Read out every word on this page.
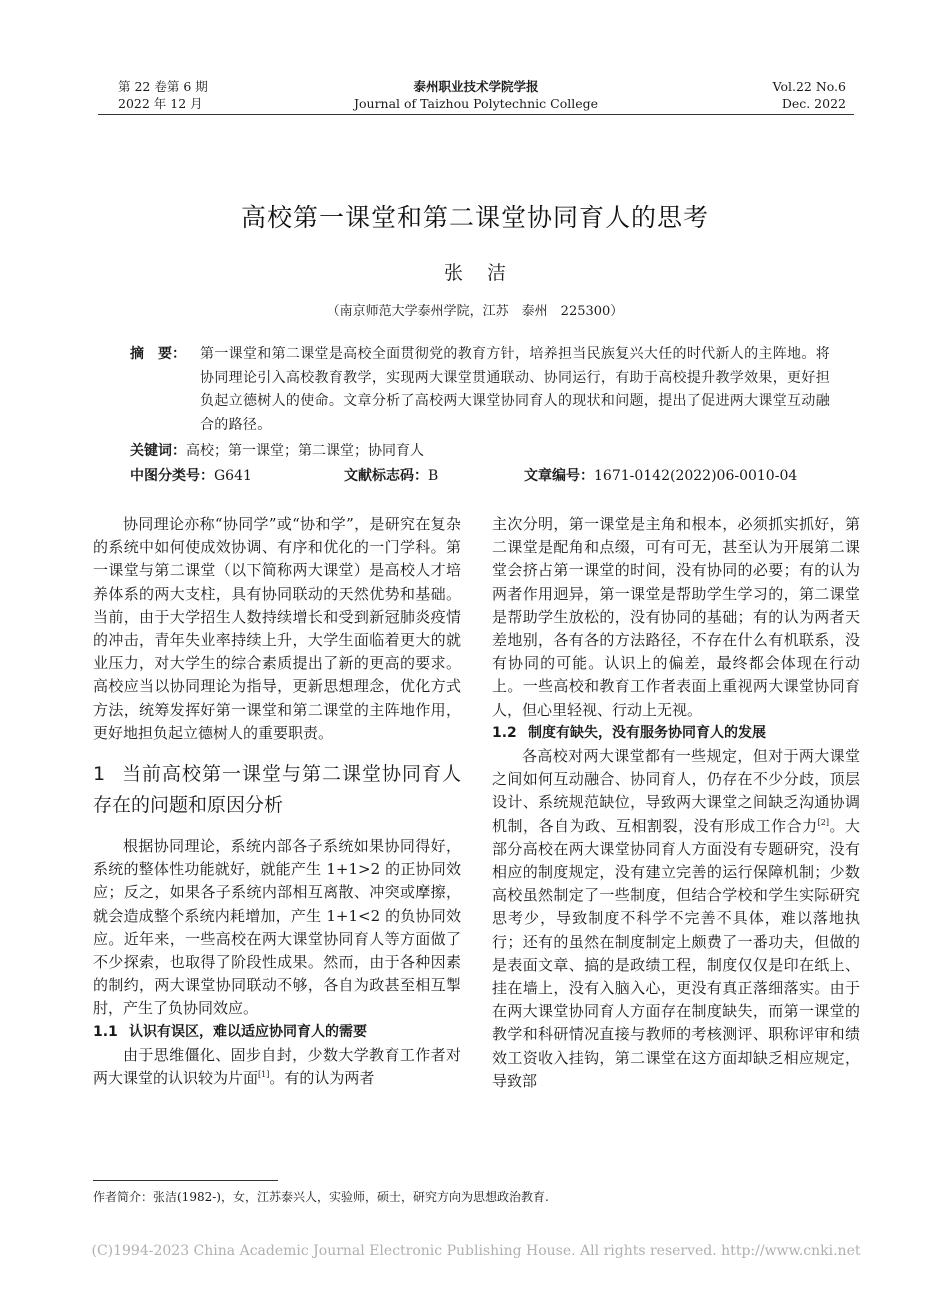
第 22 卷第 6 期
2022 年 12 月
泰州职业技术学院学报
Journal of Taizhou Polytechnic College
Vol.22 No.6
Dec. 2022
高校第一课堂和第二课堂协同育人的思考
张洁
（南京师范大学泰州学院，江苏　泰州　225300）
摘　要： 第一课堂和第二课堂是高校全面贯彻党的教育方针，培养担当民族复兴大任的时代新人的主阵地。将协同理论引入高校教育教学，实现两大课堂贯通联动、协同运行，有助于高校提升教学效果，更好担负起立德树人的使命。文章分析了高校两大课堂协同育人的现状和问题，提出了促进两大课堂互动融合的路径。
关键词：高校；第一课堂；第二课堂；协同育人
中图分类号：G641	文献标志码：B	文章编号：1671-0142(2022)06-0010-04

协同理论亦称“协同学”或“协和学”，是研究在复杂的系统中如何使成效协调、有序和优化的一门学科。第一课堂与第二课堂（以下简称两大课堂）是高校人才培养体系的两大支柱，具有协同联动的天然优势和基础。当前，由于大学招生人数持续增长和受到新冠肺炎疫情的冲击，青年失业率持续上升，大学生面临着更大的就业压力，对大学生的综合素质提出了新的更高的要求。高校应当以协同理论为指导，更新思想理念，优化方式方法，统筹发挥好第一课堂和第二课堂的主阵地作用，更好地担负起立德树人的重要职责。

1 当前高校第一课堂与第二课堂协同育人存在的问题和原因分析

根据协同理论，系统内部各子系统如果协同得好，系统的整体性功能就好，就能产生 1+1>2 的正协同效应；反之，如果各子系统内部相互离散、冲突或摩擦，就会造成整个系统内耗增加，产生 1+1<2 的负协同效应。近年来，一些高校在两大课堂协同育人等方面做了不少探索，也取得了阶段性成果。然而，由于各种因素的制约，两大课堂协同联动不够，各自为政甚至相互掣肘，产生了负协同效应。

1.1 认识有误区，难以适应协同育人的需要

由于思维僵化、固步自封，少数大学教育工作者对两大课堂的认识较为片面[1]。有的认为两者

主次分明，第一课堂是主角和根本，必须抓实抓好，第二课堂是配角和点缀，可有可无，甚至认为开展第二课堂会挤占第一课堂的时间，没有协同的必要；有的认为两者作用迥异，第一课堂是帮助学生学习的，第二课堂是帮助学生放松的，没有协同的基础；有的认为两者天差地别，各有各的方法路径，不存在什么有机联系，没有协同的可能。认识上的偏差，最终都会体现在行动上。一些高校和教育工作者表面上重视两大课堂协同育人，但心里轻视、行动上无视。

1.2 制度有缺失，没有服务协同育人的发展

各高校对两大课堂都有一些规定，但对于两大课堂之间如何互动融合、协同育人，仍存在不少分歧，顶层设计、系统规范缺位，导致两大课堂之间缺乏沟通协调机制，各自为政、互相割裂，没有形成工作合力[2]。大部分高校在两大课堂协同育人方面没有专题研究，没有相应的制度规定，没有建立完善的运行保障机制；少数高校虽然制定了一些制度，但结合学校和学生实际研究思考少，导致制度不科学不完善不具体，难以落地执行；还有的虽然在制度制定上颇费了一番功夫，但做的是表面文章、搞的是政绩工程，制度仅仅是印在纸上、挂在墙上，没有入脑入心，更没有真正落细落实。由于在两大课堂协同育人方面存在制度缺失，而第一课堂的教学和科研情况直接与教师的考核测评、职称评审和绩效工资收入挂钩，第二课堂在这方面却缺乏相应规定，导致部

作者简介：张洁(1982-)，女，江苏泰兴人，实验师，硕士，研究方向为思想政治教育.
(C)1994-2023 China Academic Journal Electronic Publishing House. All rights reserved. http://www.cnki.net
